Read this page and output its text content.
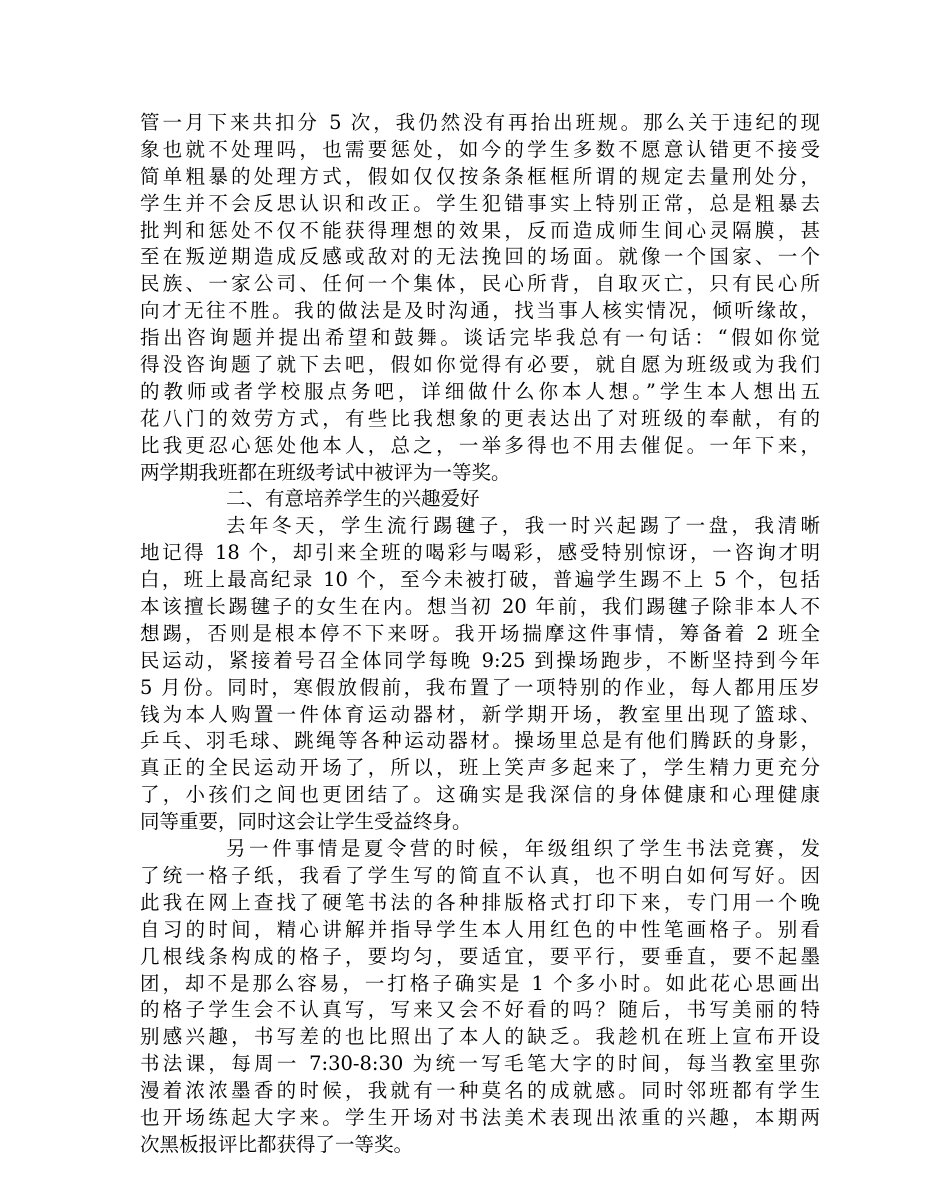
管一月下来共扣分 5 次，我仍然没有再抬出班规。那么关于违纪的现
象也就不处理吗，也需要惩处，如今的学生多数不愿意认错更不接受
简单粗暴的处理方式，假如仅仅按条条框框所谓的规定去量刑处分，
学生并不会反思认识和改正。学生犯错事实上特别正常，总是粗暴去
批判和惩处不仅不能获得理想的效果，反而造成师生间心灵隔膜，甚
至在叛逆期造成反感或敌对的无法挽回的场面。就像一个国家、一个
民族、一家公司、任何一个集体，民心所背，自取灭亡，只有民心所
向才无往不胜。我的做法是及时沟通，找当事人核实情况，倾听缘故，
指出咨询题并提出希望和鼓舞。谈话完毕我总有一句话：“假如你觉
得没咨询题了就下去吧，假如你觉得有必要，就自愿为班级或为我们
的教师或者学校服点务吧，详细做什么你本人想。”学生本人想出五
花八门的效劳方式，有些比我想象的更表达出了对班级的奉献，有的
比我更忍心惩处他本人，总之，一举多得也不用去催促。一年下来，
两学期我班都在班级考试中被评为一等奖。
二、有意培养学生的兴趣爱好
去年冬天，学生流行踢毽子，我一时兴起踢了一盘，我清晰
地记得 18 个，却引来全班的喝彩与喝彩，感受特别惊讶，一咨询才明
白，班上最高纪录 10 个，至今未被打破，普遍学生踢不上 5 个，包括
本该擅长踢毽子的女生在内。想当初 20 年前，我们踢毽子除非本人不
想踢，否则是根本停不下来呀。我开场揣摩这件事情，筹备着 2 班全
民运动，紧接着号召全体同学每晚 9:25 到操场跑步，不断坚持到今年
5 月份。同时，寒假放假前，我布置了一项特别的作业，每人都用压岁
钱为本人购置一件体育运动器材，新学期开场，教室里出现了篮球、
乒乓、羽毛球、跳绳等各种运动器材。操场里总是有他们腾跃的身影，
真正的全民运动开场了，所以，班上笑声多起来了，学生精力更充分
了，小孩们之间也更团结了。这确实是我深信的身体健康和心理健康
同等重要，同时这会让学生受益终身。
另一件事情是夏令营的时候，年级组织了学生书法竞赛，发
了统一格子纸，我看了学生写的简直不认真，也不明白如何写好。因
此我在网上查找了硬笔书法的各种排版格式打印下来，专门用一个晚
自习的时间，精心讲解并指导学生本人用红色的中性笔画格子。别看
几根线条构成的格子，要均匀，要适宜，要平行，要垂直，要不起墨
团，却不是那么容易，一打格子确实是 1 个多小时。如此花心思画出
的格子学生会不认真写，写来又会不好看的吗？随后，书写美丽的特
别感兴趣，书写差的也比照出了本人的缺乏。我趁机在班上宣布开设
书法课，每周一 7:30-8:30 为统一写毛笔大字的时间，每当教室里弥
漫着浓浓墨香的时候，我就有一种莫名的成就感。同时邻班都有学生
也开场练起大字来。学生开场对书法美术表现出浓重的兴趣，本期两
次黑板报评比都获得了一等奖。
